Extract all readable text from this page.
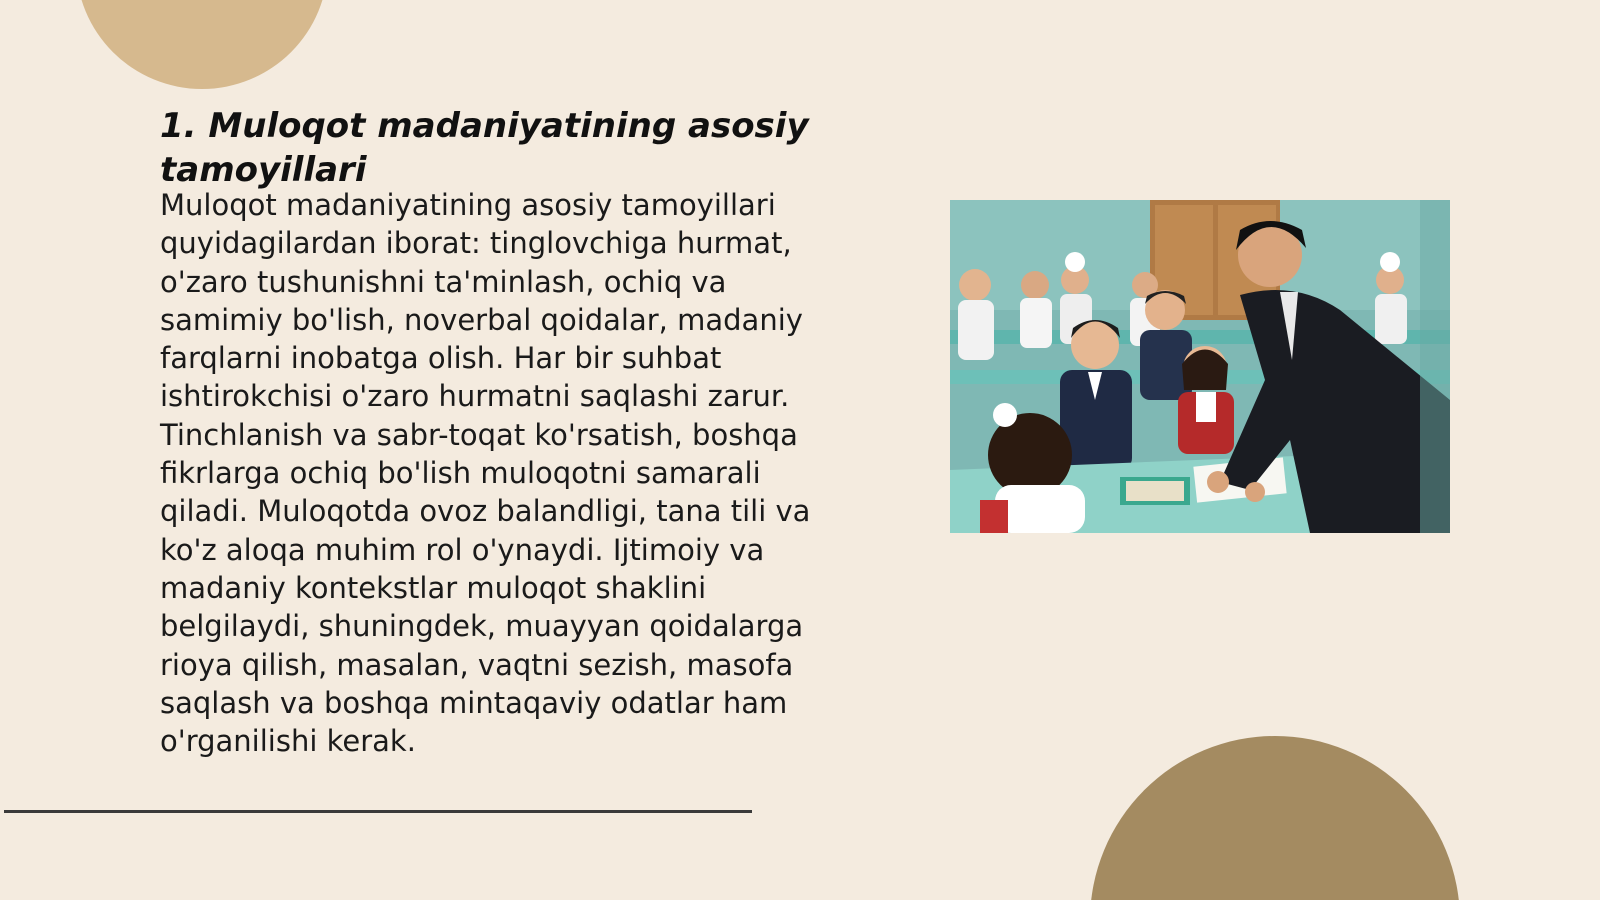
1. Muloqot madaniyatining asosiy tamoyillari

Muloqot madaniyatining asosiy tamoyillari quyidagilardan iborat: tinglovchiga hurmat, o'zaro tushunishni ta'minlash, ochiq va samimiy bo'lish, noverbal qoidalar, madaniy farqlarni inobatga olish. Har bir suhbat ishtirokchisi o'zaro hurmatni saqlashi zarur. Tinchlanish va sabr-toqat ko'rsatish, boshqa fikrlarga ochiq bo'lish muloqotni samarali qiladi. Muloqotda ovoz balandligi, tana tili va ko'z aloqa muhim rol o'ynaydi. Ijtimoiy va madaniy kontekstlar muloqot shaklini belgilaydi, shuningdek, muayyan qoidalarga rioya qilish, masalan, vaqtni sezish, masofa saqlash va boshqa mintaqaviy odatlar ham o'rganilishi kerak.
